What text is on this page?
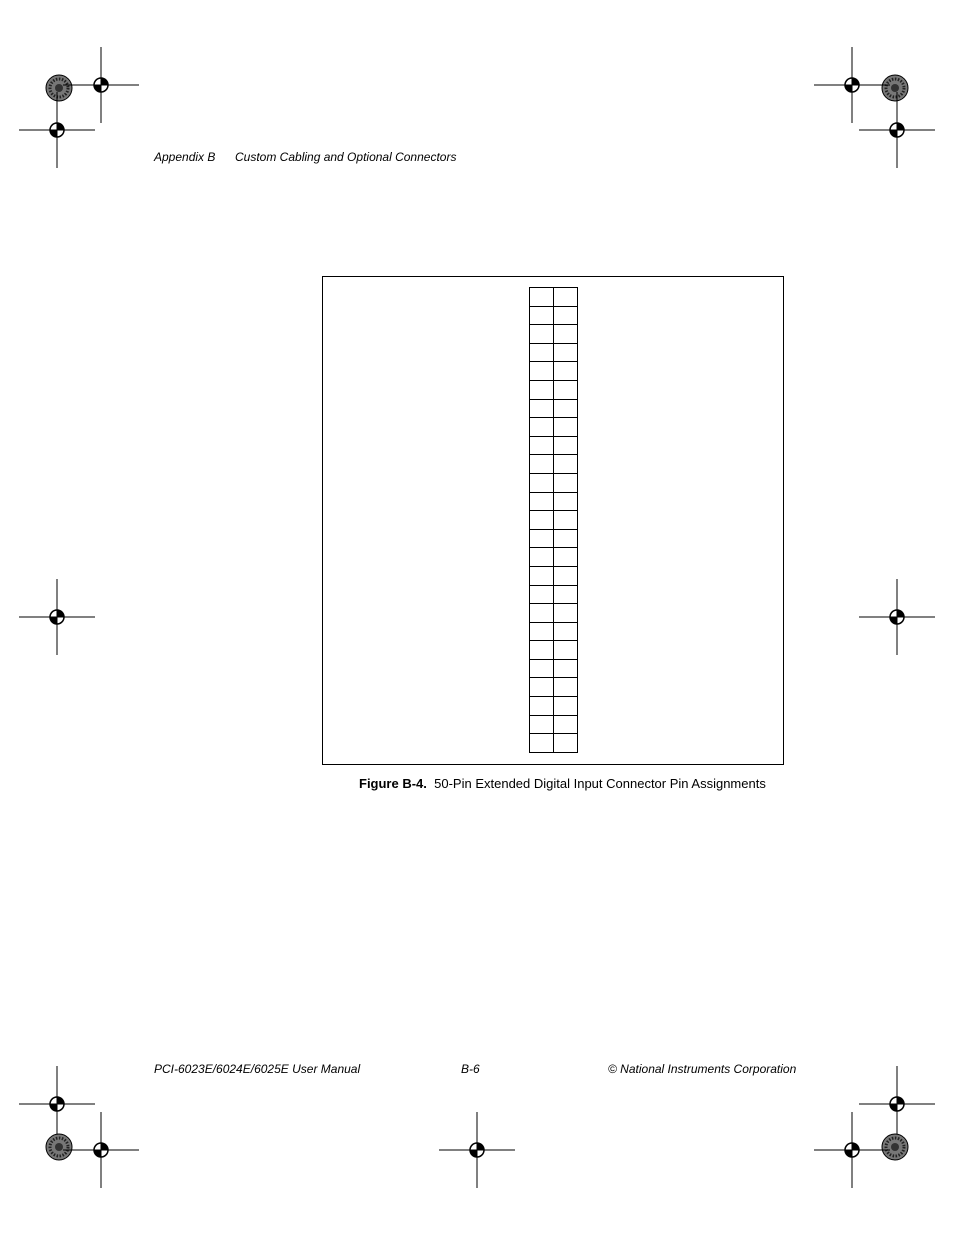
Appendix B Custom Cabling and Optional Connectors

Figure B-4. 50-Pin Extended Digital Input Connector Pin Assignments
PCI-6023E/6024E/6025E User Manual	B-6	© National Instruments Corporation
